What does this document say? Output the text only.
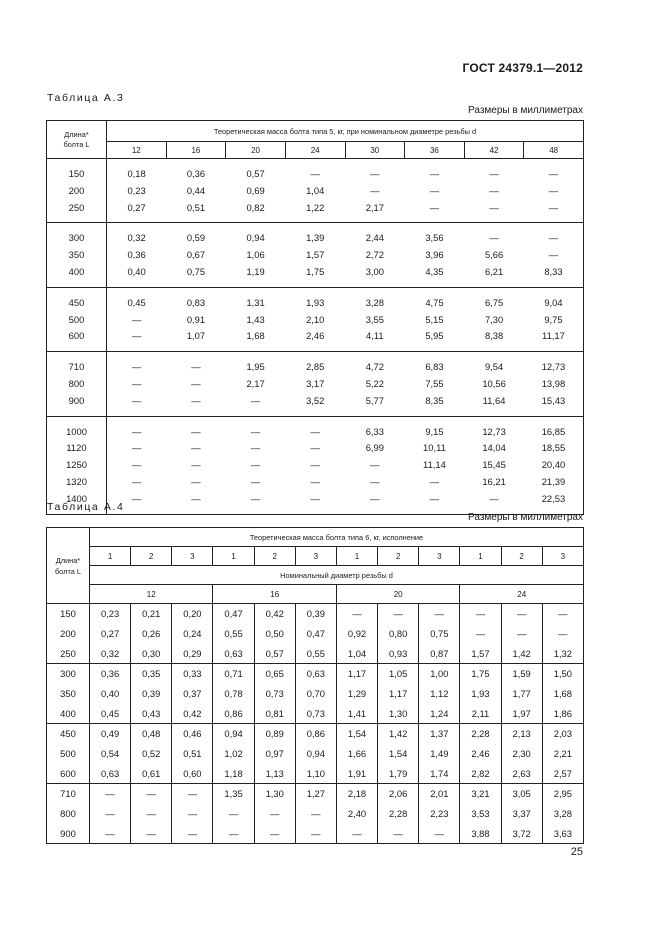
ГОСТ 24379.1—2012
Таблица А.3
Размеры в миллиметрах
Длина*
болта L	Теоретическая масса болта типа 5, кг, при номинальном диаметре резьбы d							
	12	16	20	24	30	36	42	48
150	0,18	0,36	0,57	—	—	—	—	—
200	0,23	0,44	0,69	1,04	—	—	—	—
250	0,27	0,51	0,82	1,22	2,17	—	—	—
300	0,32	0,59	0,94	1,39	2,44	3,56	—	—
350	0,36	0,67	1,06	1,57	2,72	3,96	5,66	—
400	0,40	0,75	1,19	1,75	3,00	4,35	6,21	8,33
450	0,45	0,83	1,31	1,93	3,28	4,75	6,75	9,04
500	—	0,91	1,43	2,10	3,55	5,15	7,30	9,75
600	—	1,07	1,68	2,46	4,11	5,95	8,38	11,17
710	—	—	1,95	2,85	4,72	6,83	9,54	12,73
800	—	—	2,17	3,17	5,22	7,55	10,56	13,98
900	—	—	—	3,52	5,77	8,35	11,64	15,43
1000	—	—	—	—	6,33	9,15	12,73	16,85
1120	—	—	—	—	6,99	10,11	14,04	18,55
1250	—	—	—	—	—	11,14	15,45	20,40
1320	—	—	—	—	—	—	16,21	21,39
1400	—	—	—	—	—	—	—	22,53
Таблица А.4
Размеры в миллиметрах
Длина*
болта L	Теоретическая масса болта типа 6, кг, исполнение											
	1	2	3	1	2	3	1	2	3	1	2	3
	Номинальный диаметр резьбы d											
	12			16			20			24		
150	0,23	0,21	0,20	0,47	0,42	0,39	—	—	—	—	—	—
200	0,27	0,26	0,24	0,55	0,50	0,47	0,92	0,80	0,75	—	—	—
250	0,32	0,30	0,29	0,63	0,57	0,55	1,04	0,93	0,87	1,57	1,42	1,32
300	0,36	0,35	0,33	0,71	0,65	0,63	1,17	1,05	1,00	1,75	1,59	1,50
350	0,40	0,39	0,37	0,78	0,73	0,70	1,29	1,17	1,12	1,93	1,77	1,68
400	0,45	0,43	0,42	0,86	0,81	0,73	1,41	1,30	1,24	2,11	1,97	1,86
450	0,49	0,48	0,46	0,94	0,89	0,86	1,54	1,42	1,37	2,28	2,13	2,03
500	0,54	0,52	0,51	1,02	0,97	0,94	1,66	1,54	1,49	2,46	2,30	2,21
600	0,63	0,61	0,60	1,18	1,13	1,10	1,91	1,79	1,74	2,82	2,63	2,57
710	—	—	—	1,35	1,30	1,27	2,18	2,06	2,01	3,21	3,05	2,95
800	—	—	—	—	—	—	2,40	2,28	2,23	3,53	3,37	3,28
900	—	—	—	—	—	—	—	—	—	3,88	3,72	3,63
25
